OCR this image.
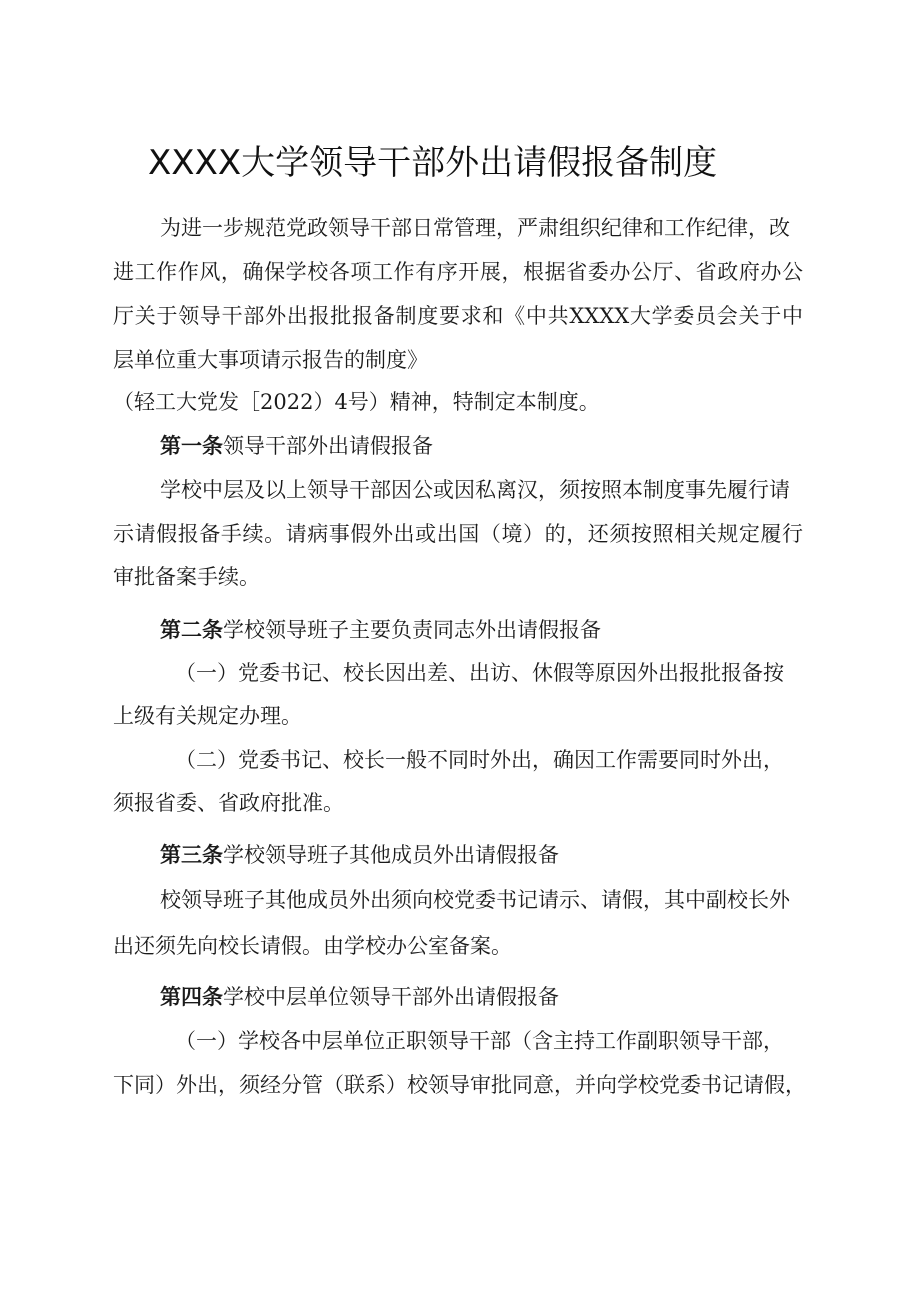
XXXX大学领导干部外出请假报备制度
为进一步规范党政领导干部日常管理，严肃组织纪律和工作纪律，改
进工作作风，确保学校各项工作有序开展，根据省委办公厅、省政府办公
厅关于领导干部外出报批报备制度要求和《中共XXXX大学委员会关于中
层单位重大事项请示报告的制度》
（轻工大党发［2022）4号）精神，特制定本制度。
第一条领导干部外出请假报备
学校中层及以上领导干部因公或因私离汉，须按照本制度事先履行请
示请假报备手续。请病事假外出或出国（境）的，还须按照相关规定履行
审批备案手续。
第二条学校领导班子主要负责同志外出请假报备
（一）党委书记、校长因出差、出访、休假等原因外出报批报备按
上级有关规定办理。
（二）党委书记、校长一般不同时外出，确因工作需要同时外出，
须报省委、省政府批准。
第三条学校领导班子其他成员外出请假报备
校领导班子其他成员外出须向校党委书记请示、请假，其中副校长外
出还须先向校长请假。由学校办公室备案。
第四条学校中层单位领导干部外出请假报备
（一）学校各中层单位正职领导干部（含主持工作副职领导干部，
下同）外出，须经分管（联系）校领导审批同意，并向学校党委书记请假，
